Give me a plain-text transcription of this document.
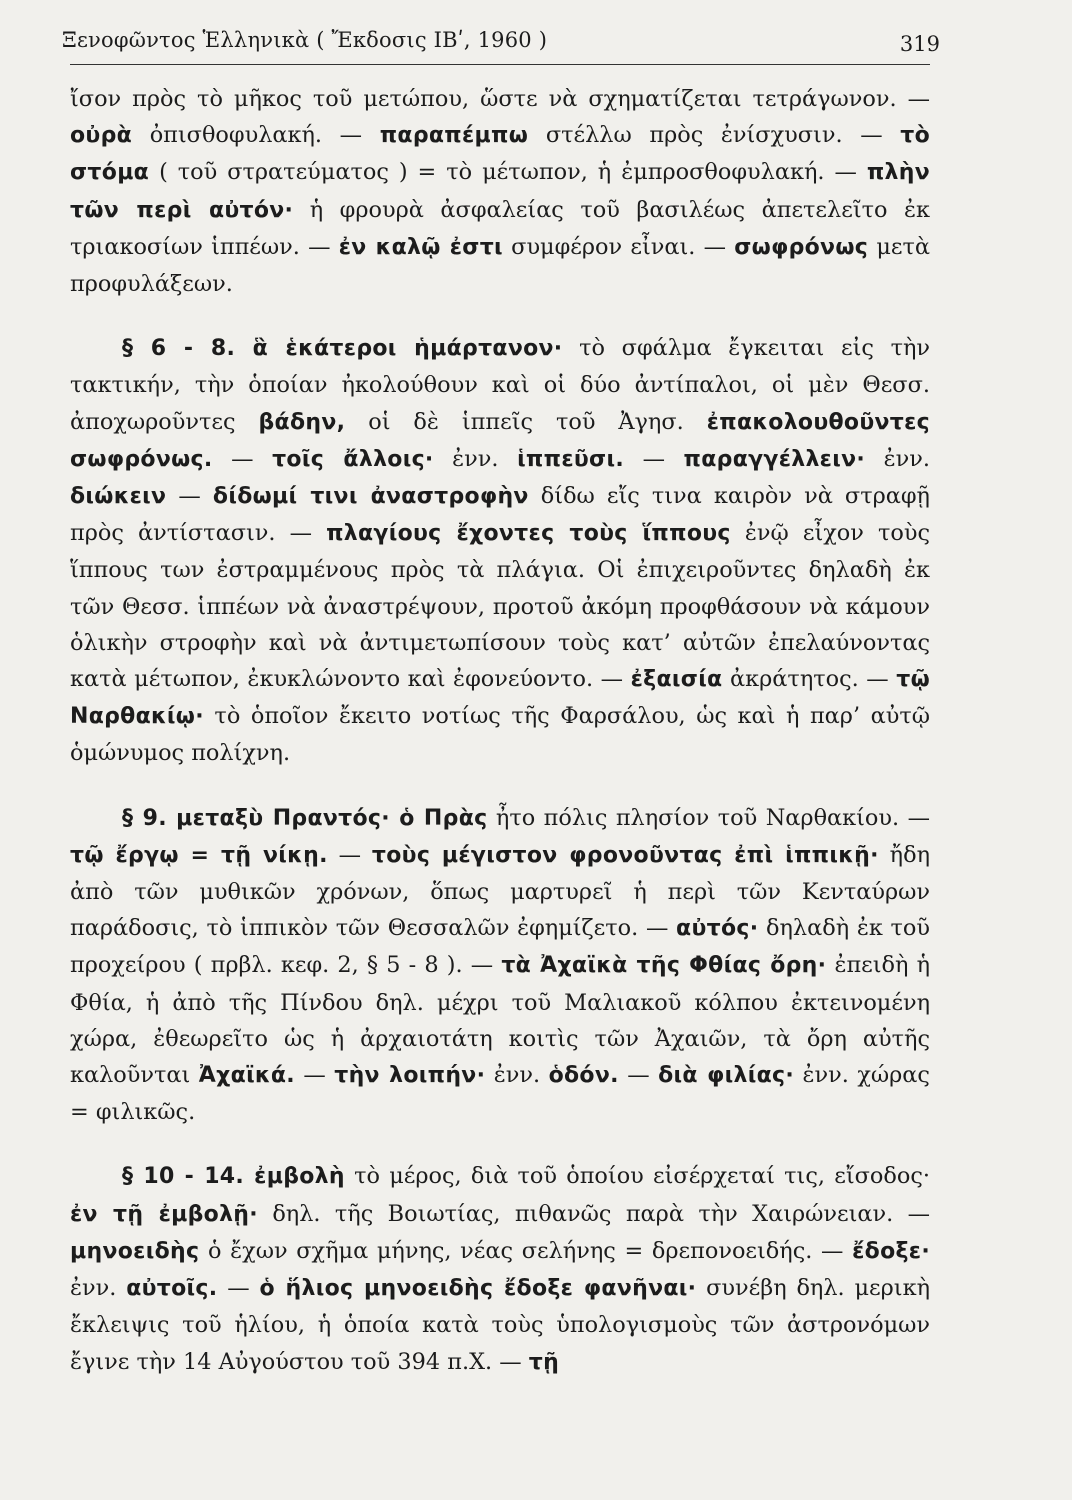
Ξενοφῶντος Ἑλληνικὰ ( Ἔκδοσις ΙΒʹ, 1960 )	319

ἴσον πρὸς τὸ μῆκος τοῦ μετώπου, ὥστε νὰ σχηματίζεται τετράγωνον. — οὐρὰ ὀπισθοφυλακή. — παραπέμπω στέλλω πρὸς ἐνίσχυσιν. — τὸ στόμα ( τοῦ στρατεύματος ) = τὸ μέτωπον, ἡ ἐμπροσθοφυλακή. — πλὴν τῶν περὶ αὐτόν· ἡ φρουρὰ ἀσφαλείας τοῦ βασιλέως ἀπετελεῖτο ἐκ τριακοσίων ἱππέων. — ἐν καλῷ ἐστι συμφέρον εἶναι. — σωφρόνως μετὰ προφυλάξεων.

§ 6 - 8. ἃ ἑκάτεροι ἡμάρτανον· τὸ σφάλμα ἔγκειται εἰς τὴν τακτικήν, τὴν ὁποίαν ἠκολούθουν καὶ οἱ δύο ἀντίπαλοι, οἱ μὲν Θεσσ. ἀποχωροῦντες βάδην, οἱ δὲ ἱππεῖς τοῦ Ἀγησ. ἐπακολουθοῦντες σωφρόνως. — τοῖς ἄλλοις· ἐνν. ἱππεῦσι. — παραγγέλλειν· ἐνν. διώκειν — δίδωμί τινι ἀναστροφὴν δίδω εἴς τινα καιρὸν νὰ στραφῇ πρὸς ἀντίστασιν. — πλαγίους ἔχοντες τοὺς ἵππους ἐνῷ εἶχον τοὺς ἵππους των ἐστραμμένους πρὸς τὰ πλάγια. Οἱ ἐπιχειροῦντες δηλαδὴ ἐκ τῶν Θεσσ. ἱππέων νὰ ἀναστρέψουν, προτοῦ ἀκόμη προφθάσουν νὰ κάμουν ὁλικὴν στροφὴν καὶ νὰ ἀντιμετωπίσουν τοὺς κατ’ αὐτῶν ἐπελαύνοντας κατὰ μέτωπον, ἐκυκλώνοντο καὶ ἐφονεύοντο. — ἐξαισία ἀκράτητος. — τῷ Ναρθακίῳ· τὸ ὁποῖον ἔκειτο νοτίως τῆς Φαρσάλου, ὡς καὶ ἡ παρ’ αὐτῷ ὁμώνυμος πολίχνη.

§ 9. μεταξὺ Πραντός· ὁ Πρὰς ἦτο πόλις πλησίον τοῦ Ναρθακίου. — τῷ ἔργῳ = τῇ νίκῃ. — τοὺς μέγιστον φρονοῦντας ἐπὶ ἱππικῇ· ἤδη ἀπὸ τῶν μυθικῶν χρόνων, ὅπως μαρτυρεῖ ἡ περὶ τῶν Κενταύρων παράδοσις, τὸ ἱππικὸν τῶν Θεσσαλῶν ἐφημίζετο. — αὐτός· δηλαδὴ ἐκ τοῦ προχείρου ( πρβλ. κεφ. 2, § 5 - 8 ). — τὰ Ἀχαϊκὰ τῆς Φθίας ὄρη· ἐπειδὴ ἡ Φθία, ἡ ἀπὸ τῆς Πίνδου δηλ. μέχρι τοῦ Μαλιακοῦ κόλπου ἐκτεινομένη χώρα, ἐθεωρεῖτο ὡς ἡ ἀρχαιοτάτη κοιτὶς τῶν Ἀχαιῶν, τὰ ὄρη αὐτῆς καλοῦνται Ἀχαϊκά. — τὴν λοιπήν· ἐνν. ὁδόν. — διὰ φιλίας· ἐνν. χώρας = φιλικῶς.

§ 10 - 14. ἐμβολὴ τὸ μέρος, διὰ τοῦ ὁποίου εἰσέρχεταί τις, εἴσοδος· ἐν τῇ ἐμβολῇ· δηλ. τῆς Βοιωτίας, πιθανῶς παρὰ τὴν Χαιρώνειαν. — μηνοειδὴς ὁ ἔχων σχῆμα μήνης, νέας σελήνης = δρεπονοειδής. — ἔδοξε· ἐνν. αὐτοῖς. — ὁ ἥλιος μηνοειδὴς ἔδοξε φανῆναι· συνέβη δηλ. μερικὴ ἔκλειψις τοῦ ἡλίου, ἡ ὁποία κατὰ τοὺς ὑπολογισμοὺς τῶν ἀστρονόμων ἔγινε τὴν 14 Αὐγούστου τοῦ 394 π.Χ. — τῇ
